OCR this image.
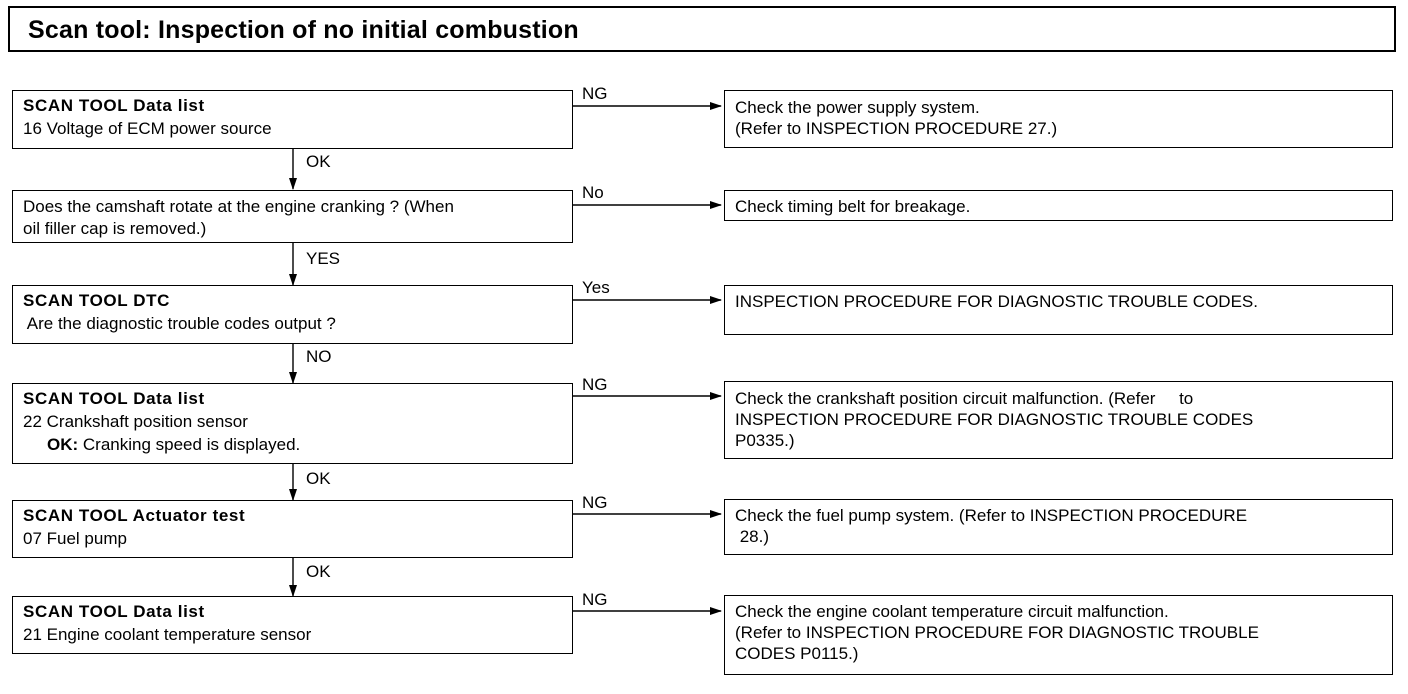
Scan tool: Inspection of no initial combustion
SCAN TOOL Data list
16 Voltage of ECM power source
NG
Check the power supply system.
(Refer to INSPECTION PROCEDURE 27.)
OK
Does the camshaft rotate at the engine cranking ? (When
oil filler cap is removed.)
No
Check timing belt for breakage.
YES
SCAN TOOL DTC
Are the diagnostic trouble codes output ?
Yes
INSPECTION PROCEDURE FOR DIAGNOSTIC TROUBLE CODES.
NO
SCAN TOOL Data list
22 Crankshaft position sensor
OK: Cranking speed is displayed.
NG
Check the crankshaft position circuit malfunction. (Refer     to
INSPECTION PROCEDURE FOR DIAGNOSTIC TROUBLE CODES
P0335.)
OK
SCAN TOOL Actuator test
07 Fuel pump
NG
Check the fuel pump system. (Refer to INSPECTION PROCEDURE
28.)
OK
SCAN TOOL Data list
21 Engine coolant temperature sensor
NG
Check the engine coolant temperature circuit malfunction.
(Refer to INSPECTION PROCEDURE FOR DIAGNOSTIC TROUBLE
CODES P0115.)
